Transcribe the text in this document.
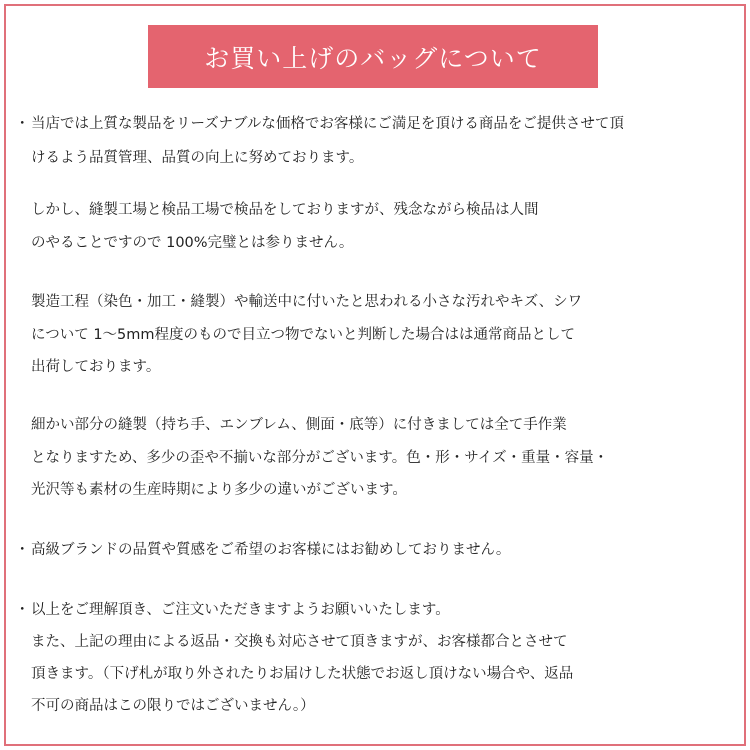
お買い上げのバッグについて
・ 当店では上質な製品をリーズナブルな価格でお客様にご満足を頂ける商品をご提供させて頂
けるよう品質管理、品質の向上に努めております。
しかし、縫製工場と検品工場で検品をしておりますが、残念ながら検品は人間
のやることですので 100%完璧とは参りません。
製造工程（染色・加工・縫製）や輸送中に付いたと思われる小さな汚れやキズ、シワ
について 1～5mm程度のもので目立つ物でないと判断した場合はは通常商品として
出荷しております。
細かい部分の縫製（持ち手、エンブレム、側面・底等）に付きましては全て手作業
となりますため、多少の歪や不揃いな部分がございます。色・形・サイズ・重量・容量・
光沢等も素材の生産時期により多少の違いがございます。
・ 高級ブランドの品質や質感をご希望のお客様にはお勧めしておりません。
・ 以上をご理解頂き、ご注文いただきますようお願いいたします。
また、上記の理由による返品・交換も対応させて頂きますが、お客様都合とさせて
頂きます。（下げ札が取り外されたりお届けした状態でお返し頂けない場合や、返品
不可の商品はこの限りではございません。）
